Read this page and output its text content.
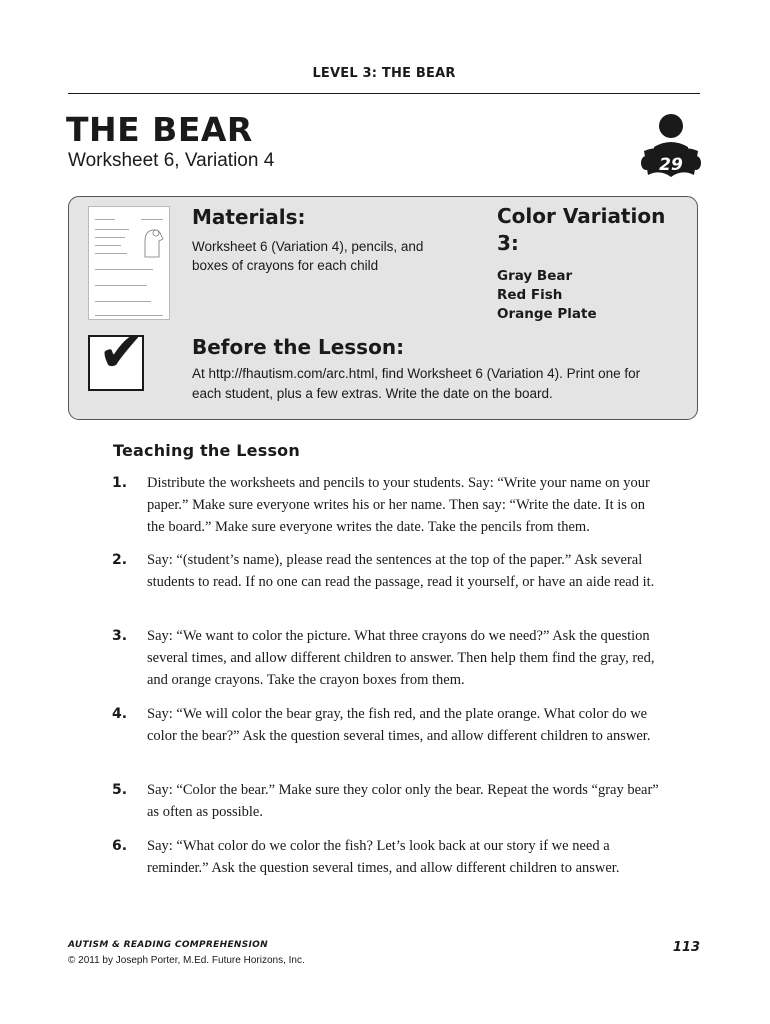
LEVEL 3: THE BEAR
THE BEAR
Worksheet 6, Variation 4	29
✔
Materials:
Worksheet 6 (Variation 4), pencils, and boxes of crayons for each child
Color Variation 3:
Gray Bear
Red Fish
Orange Plate
Before the Lesson:
At http://fhautism.com/arc.html, find Worksheet 6 (Variation 4). Print one for each student, plus a few extras. Write the date on the board.
Teaching the Lesson
1. Distribute the worksheets and pencils to your students. Say: “Write your name on your paper.” Make sure everyone writes his or her name. Then say: “Write the date. It is on the board.” Make sure everyone writes the date. Take the pencils from them.
2. Say: “(student’s name), please read the sentences at the top of the paper.” Ask several students to read. If no one can read the passage, read it yourself, or have an aide read it.
3. Say: “We want to color the picture. What three crayons do we need?” Ask the question several times, and allow different children to answer. Then help them find the gray, red, and orange crayons. Take the crayon boxes from them.
4. Say: “We will color the bear gray, the fish red, and the plate orange. What color do we color the bear?” Ask the question several times, and allow different children to answer.
5. Say: “Color the bear.” Make sure they color only the bear. Repeat the words “gray bear” as often as possible.
6. Say: “What color do we color the fish? Let’s look back at our story if we need a reminder.” Ask the question several times, and allow different children to answer.
AUTISM & READING COMPREHENSION
© 2011 by Joseph Porter, M.Ed. Future Horizons, Inc.
113
